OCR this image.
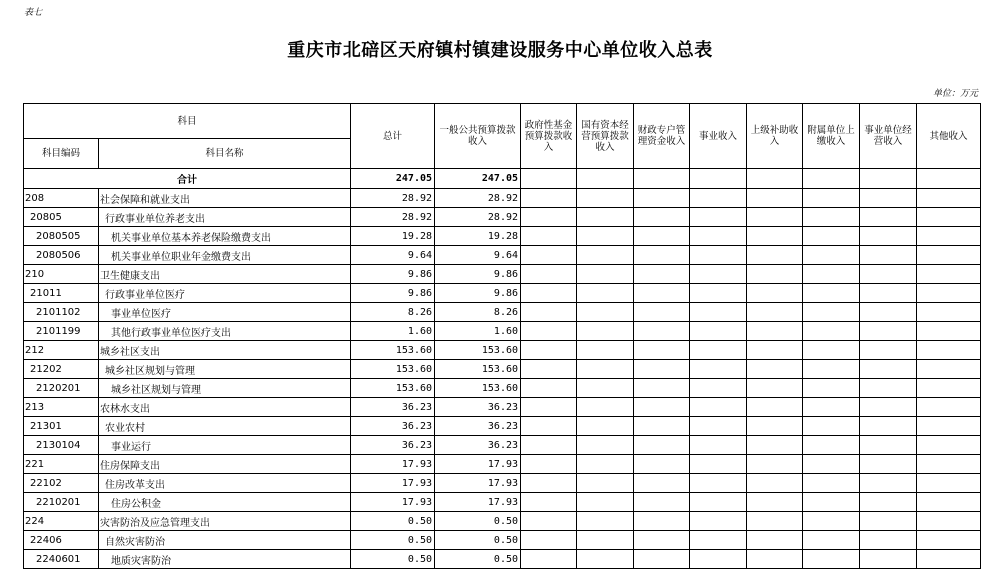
表七
重庆市北碚区天府镇村镇建设服务中心单位收入总表
单位：万元
科目		总计	一般公共预算拨款收入	政府性基金预算拨款收入	国有资本经营预算拨款收入	财政专户管理资金收入	事业收入	上级补助收入	附属单位上缴收入	事业单位经营收入	其他收入
科目编码	科目名称										
合计		247.05	247.05								
208	社会保障和就业支出	28.92	28.92								
20805	行政事业单位养老支出	28.92	28.92								
2080505	机关事业单位基本养老保险缴费支出	19.28	19.28								
2080506	机关事业单位职业年金缴费支出	9.64	9.64								
210	卫生健康支出	9.86	9.86								
21011	行政事业单位医疗	9.86	9.86								
2101102	事业单位医疗	8.26	8.26								
2101199	其他行政事业单位医疗支出	1.60	1.60								
212	城乡社区支出	153.60	153.60								
21202	城乡社区规划与管理	153.60	153.60								
2120201	城乡社区规划与管理	153.60	153.60								
213	农林水支出	36.23	36.23								
21301	农业农村	36.23	36.23								
2130104	事业运行	36.23	36.23								
221	住房保障支出	17.93	17.93								
22102	住房改革支出	17.93	17.93								
2210201	住房公积金	17.93	17.93								
224	灾害防治及应急管理支出	0.50	0.50								
22406	自然灾害防治	0.50	0.50								
2240601	地质灾害防治	0.50	0.50								
